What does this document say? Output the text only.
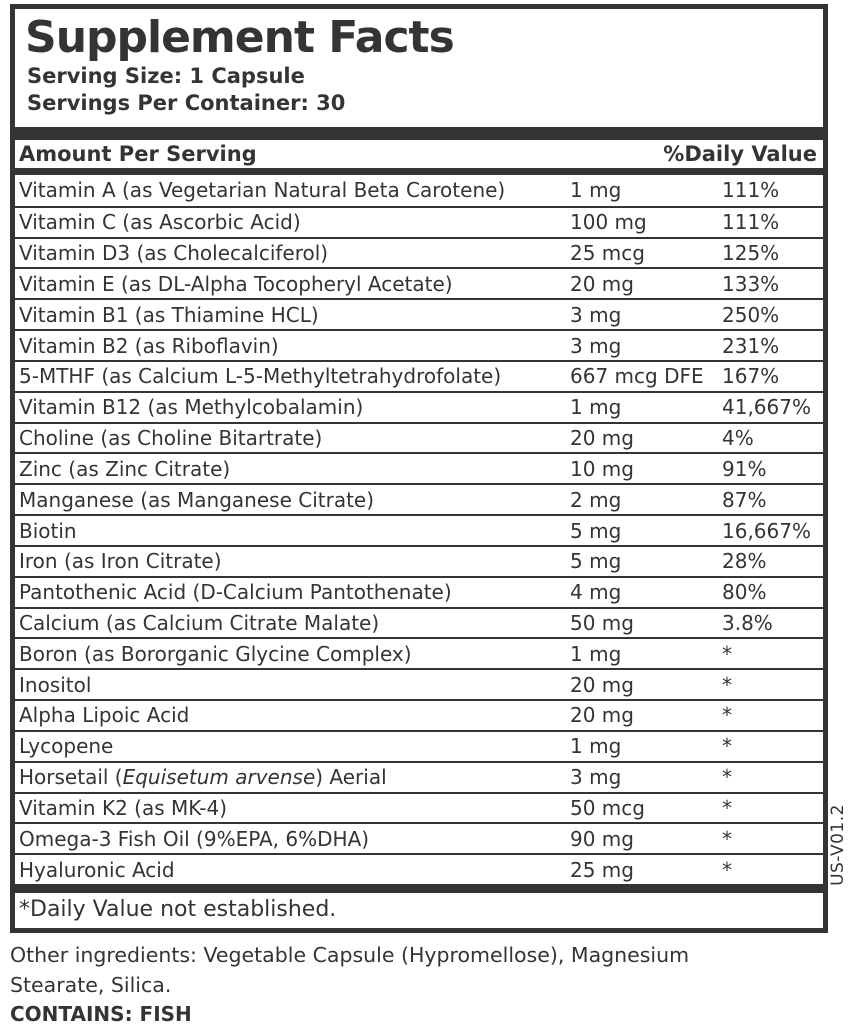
Supplement Facts
Serving Size: 1 Capsule
Servings Per Container: 30
Amount Per Serving	%Daily Value
Vitamin A (as Vegetarian Natural Beta Carotene)	1 mg	111%
Vitamin C (as Ascorbic Acid)	100 mg	111%
Vitamin D3 (as Cholecalciferol)	25 mcg	125%
Vitamin E (as DL-Alpha Tocopheryl Acetate)	20 mg	133%
Vitamin B1 (as Thiamine HCL)	3 mg	250%
Vitamin B2 (as Riboflavin)	3 mg	231%
5-MTHF (as Calcium L-5-Methyltetrahydrofolate)	667 mcg DFE 167%
Vitamin B12 (as Methylcobalamin)	1 mg	41,667%
Choline (as Choline Bitartrate)	20 mg	4%
Zinc (as Zinc Citrate)	10 mg	91%
Manganese (as Manganese Citrate)	2 mg	87%
Biotin	5 mg	16,667%
Iron (as Iron Citrate)	5 mg	28%
Pantothenic Acid (D-Calcium Pantothenate)	4 mg	80%
Calcium (as Calcium Citrate Malate)	50 mg	3.8%
Boron (as Bororganic Glycine Complex)	1 mg	*
Inositol	20 mg	*
Alpha Lipoic Acid	20 mg	*
Lycopene	1 mg	*
Horsetail (Equisetum arvense) Aerial	3 mg	*
Vitamin K2 (as MK-4)	50 mcg	*
Omega-3 Fish Oil (9%EPA, 6%DHA)	90 mg	*
Hyaluronic Acid	25 mg	*
*Daily Value not established.
Other ingredients: Vegetable Capsule (Hypromellose), Magnesium Stearate, Silica.
CONTAINS: FISH
US-V01.2
